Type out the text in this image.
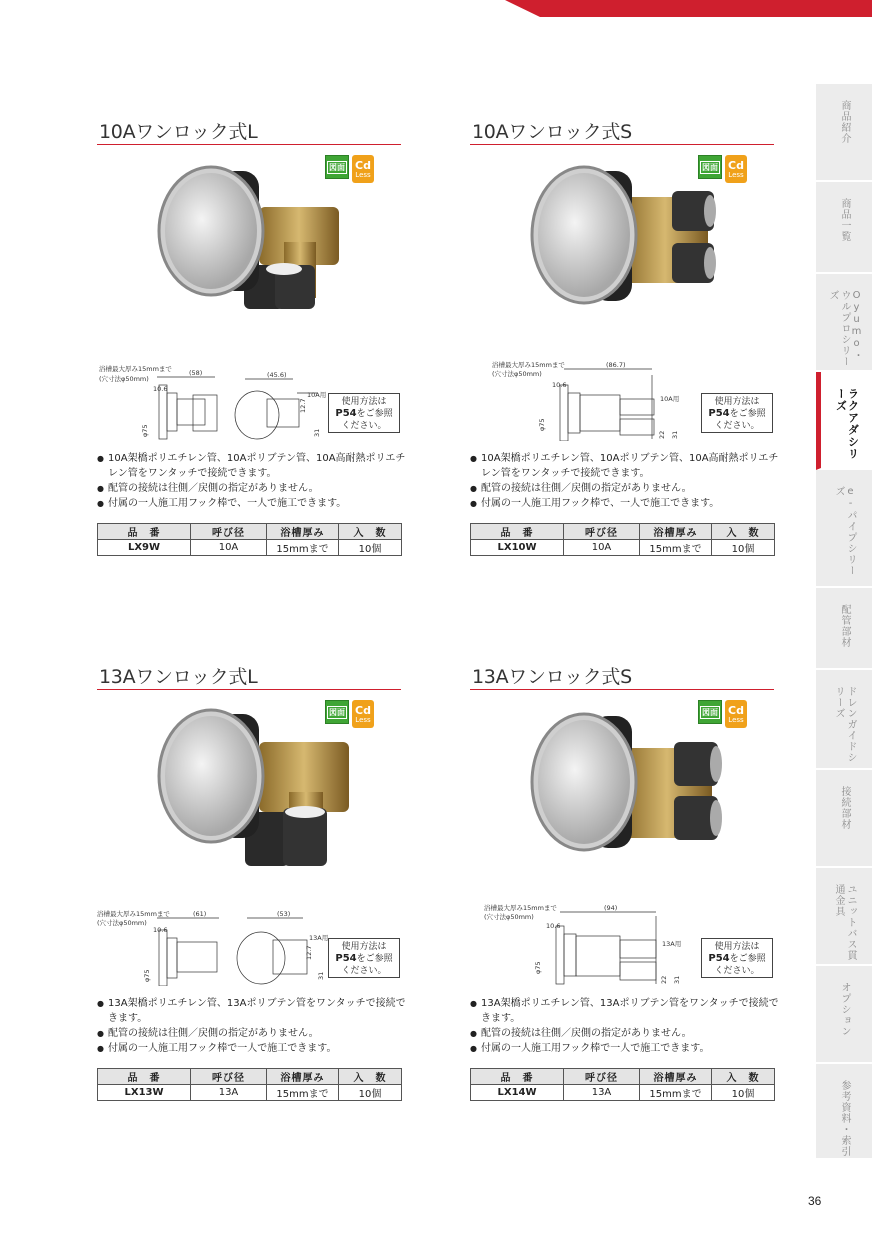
商品紹介
商品一覧
Oyumo・ウルプロシリーズ
ラクアダシリーズ
e-パイプシリーズ
配管部材
ドレンガイドシリーズ
接続部材
ユニットバス貫通金具
オプション
参考資料・索引
10Aワンロック式L
図面 Cd
Less
浴槽最大厚み15mmまで
(穴寸法φ50mm)
(58)	(45.6)
10A用
10.6
12.7
31
φ75
使用方法は
P54をご参照
ください。
● 10A架橋ポリエチレン管、10Aポリブテン管、10A高耐熱ポリエチレン管をワンタッチで接続できます。
● 配管の接続は往側／戻側の指定がありません。
● 付属の一人施工用フック棒で、一人で施工できます。
品　番	呼び径	浴槽厚み	入　数
LX9W	10A	15mmまで	10個
10Aワンロック式S
図面 Cd
Less
浴槽最大厚み15mmまで
(穴寸法φ50mm)
(86.7)
10A用
10.6
22 31
φ75
使用方法は
P54をご参照
ください。
● 10A架橋ポリエチレン管、10Aポリブテン管、10A高耐熱ポリエチレン管をワンタッチで接続できます。
● 配管の接続は往側／戻側の指定がありません。
● 付属の一人施工用フック棒で、一人で施工できます。
品　番	呼び径	浴槽厚み	入　数
LX10W	10A	15mmまで	10個
13Aワンロック式L
図面 Cd
Less
浴槽最大厚み15mmまで
(穴寸法φ50mm)
(61)	(53)
13A用
10.6
12.7
31
φ75
使用方法は
P54をご参照
ください。
● 13A架橋ポリエチレン管、13Aポリブテン管をワンタッチで接続できます。
● 配管の接続は往側／戻側の指定がありません。
● 付属の一人施工用フック棒で一人で施工できます。
品　番	呼び径	浴槽厚み	入　数
LX13W	13A	15mmまで	10個
13Aワンロック式S
図面 Cd
Less
浴槽最大厚み15mmまで
(穴寸法φ50mm)
(94)
13A用
10.6
22 31
φ75
使用方法は
P54をご参照
ください。
● 13A架橋ポリエチレン管、13Aポリブテン管をワンタッチで接続できます。
● 配管の接続は往側／戻側の指定がありません。
● 付属の一人施工用フック棒で一人で施工できます。
品　番	呼び径	浴槽厚み	入　数
LX14W	13A	15mmまで	10個
36
